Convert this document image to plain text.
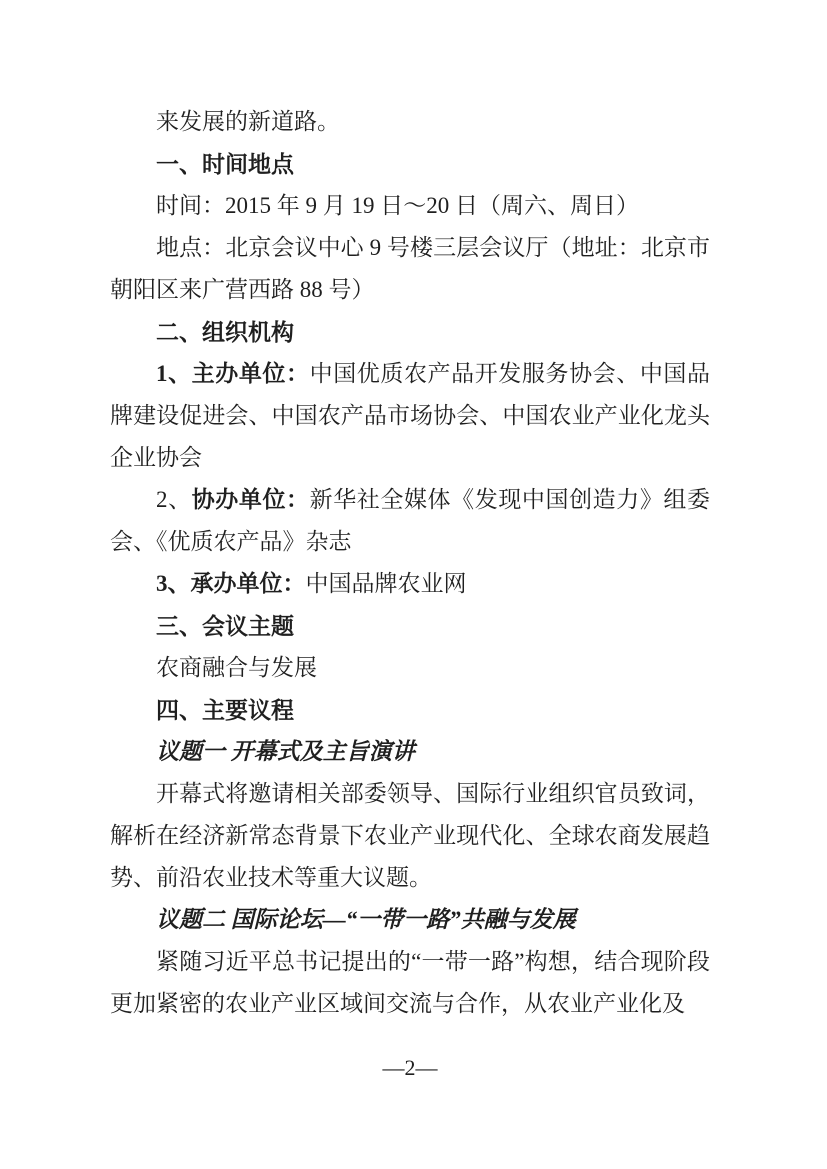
来发展的新道路。

一、时间地点

时间：2015 年 9 月 19 日～20 日（周六、周日）

地点：北京会议中心 9 号楼三层会议厅（地址：北京市朝阳区来广营西路 88 号）

二、组织机构

1、主办单位：中国优质农产品开发服务协会、中国品牌建设促进会、中国农产品市场协会、中国农业产业化龙头企业协会

2、协办单位：新华社全媒体《发现中国创造力》组委会、《优质农产品》杂志

3、承办单位：中国品牌农业网

三、会议主题

农商融合与发展

四、主要议程

议题一 开幕式及主旨演讲

开幕式将邀请相关部委领导、国际行业组织官员致词，解析在经济新常态背景下农业产业现代化、全球农商发展趋势、前沿农业技术等重大议题。

议题二 国际论坛—“一带一路”共融与发展

紧随习近平总书记提出的“一带一路”构想，结合现阶段更加紧密的农业产业区域间交流与合作，从农业产业化及

—2—
